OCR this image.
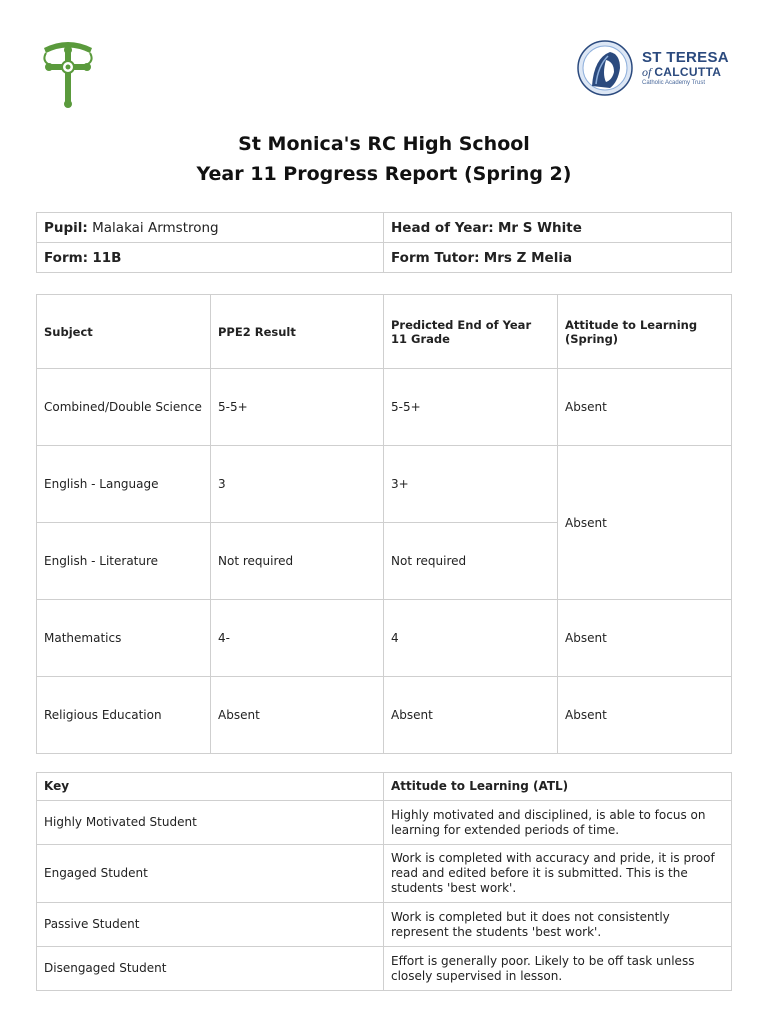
ST TERESA
of CALCUTTA
Catholic Academy Trust
St Monica's RC High School
Year 11 Progress Report (Spring 2)
Pupil: Malakai Armstrong	Head of Year: Mr S White
Form: 11B	Form Tutor: Mrs Z Melia
Subject	PPE2 Result	Predicted End of Year 11 Grade	Attitude to Learning (Spring)
Combined/Double Science	5-5+	5-5+	Absent
English - Language	3	3+	Absent
English - Literature	Not required	Not required	
Mathematics	4-	4	Absent
Religious Education	Absent	Absent	Absent
Key	Attitude to Learning (ATL)
Highly Motivated Student	Highly motivated and disciplined, is able to focus on learning for extended periods of time.
Engaged Student	Work is completed with accuracy and pride, it is proof read and edited before it is submitted. This is the students 'best work'.
Passive Student	Work is completed but it does not consistently represent the students 'best work'.
Disengaged Student	Effort is generally poor. Likely to be off task unless closely supervised in lesson.
